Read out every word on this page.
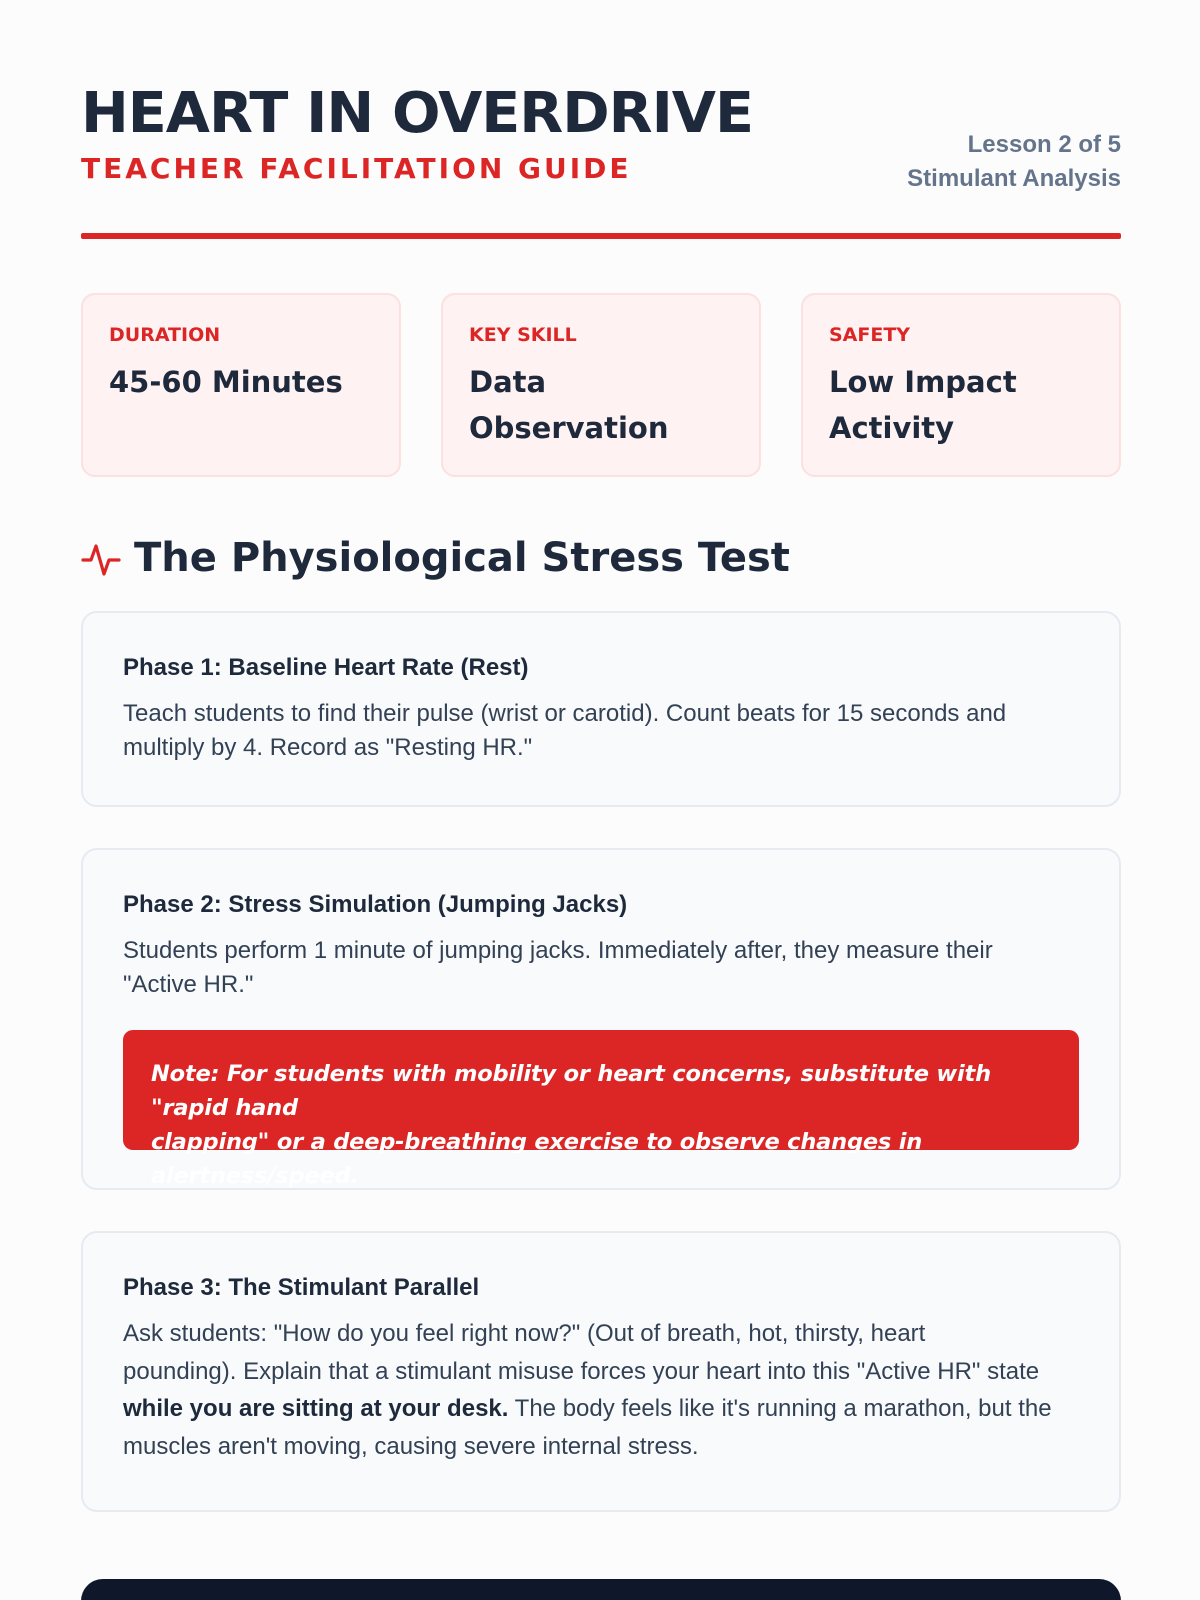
HEART IN OVERDRIVE
TEACHER FACILITATION GUIDE
Lesson 2 of 5
Stimulant Analysis
DURATION
45-60 Minutes
KEY SKILL
Data Observation
SAFETY
Low Impact
Activity
The Physiological Stress Test
Phase 1: Baseline Heart Rate (Rest)
Teach students to find their pulse (wrist or carotid). Count beats for 15 seconds and
multiply by 4. Record as "Resting HR."
Phase 2: Stress Simulation (Jumping Jacks)
Students perform 1 minute of jumping jacks. Immediately after, they measure their
"Active HR."
Note: For students with mobility or heart concerns, substitute with "rapid hand
clapping" or a deep-breathing exercise to observe changes in alertness/speed.
Phase 3: The Stimulant Parallel
Ask students: "How do you feel right now?" (Out of breath, hot, thirsty, heart
pounding). Explain that a stimulant misuse forces your heart into this "Active HR" state
while you are sitting at your desk. The body feels like it's running a marathon, but the
muscles aren't moving, causing severe internal stress.
